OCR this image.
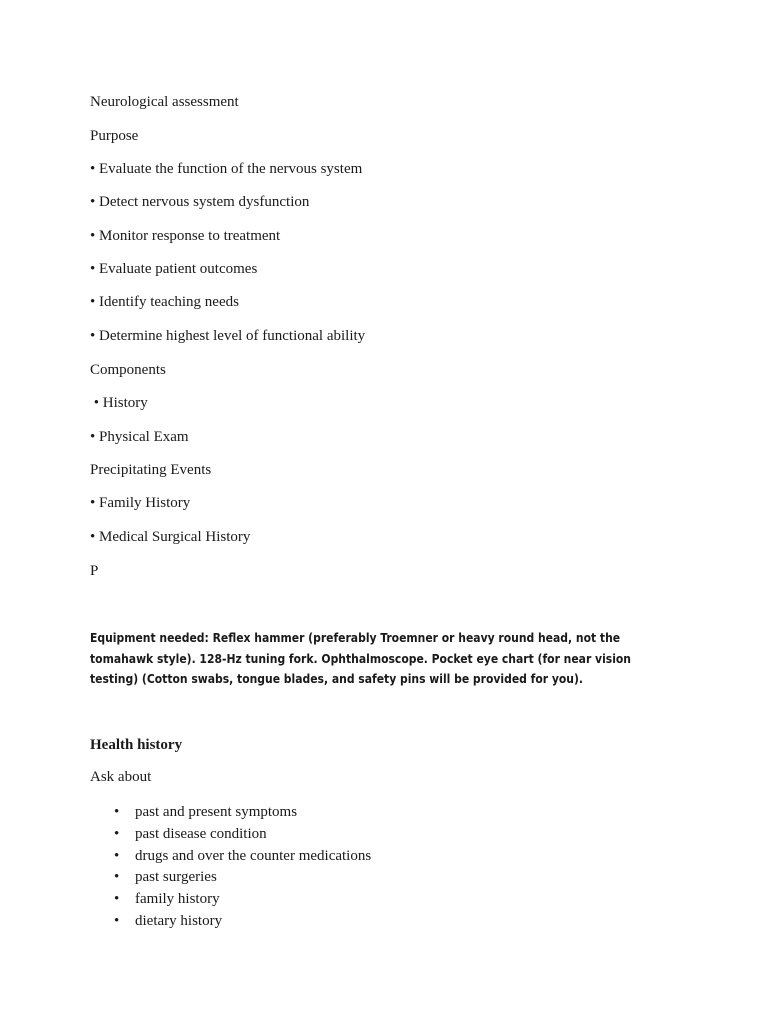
Neurological assessment
Purpose
• Evaluate the function of the nervous system
• Detect nervous system dysfunction
• Monitor response to treatment
• Evaluate patient outcomes
• Identify teaching needs
• Determine highest level of functional ability
Components
• History
• Physical Exam
Precipitating Events
• Family History
• Medical Surgical History
P
Equipment needed: Reflex hammer (preferably Troemner or heavy round head, not the tomahawk style). 128-Hz tuning fork. Ophthalmoscope. Pocket eye chart (for near vision testing) (Cotton swabs, tongue blades, and safety pins will be provided for you).
Health history
Ask about
• past and present symptoms
• past disease condition
• drugs and over the counter medications
• past surgeries
• family history
• dietary history
